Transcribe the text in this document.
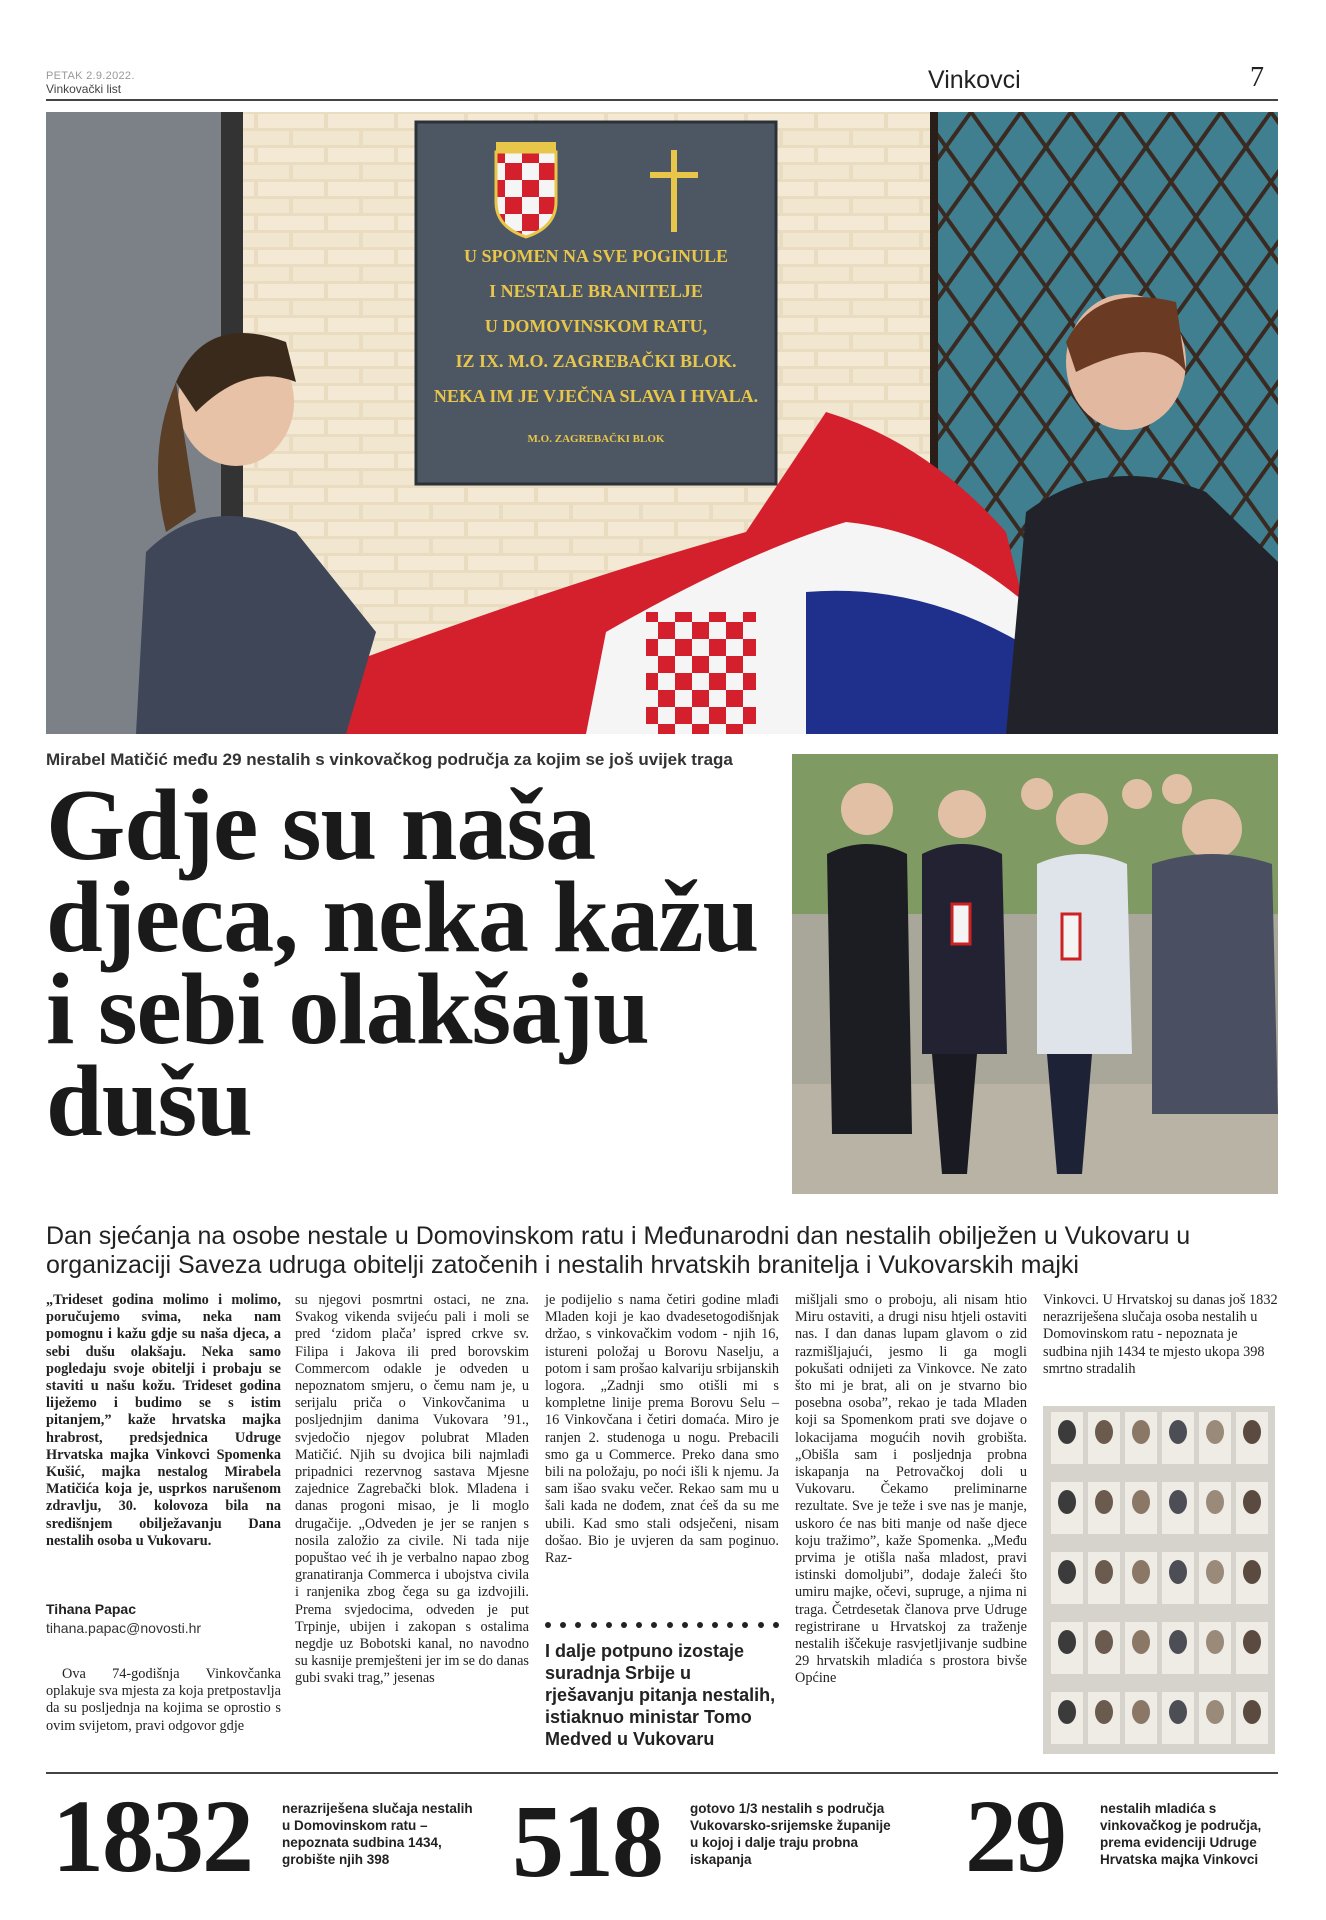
PETAK 2.9.2022.
Vinkovački list	Vinkovci	7
U SPOMEN NA SVE POGINULE
I NESTALE BRANITELJE
U DOMOVINSKOM RATU,
IZ IX. M.O. ZAGREBAČKI BLOK.
NEKA IM JE VJEČNA SLAVA I HVALA.
M.O. ZAGREBAČKI BLOK
Mirabel Matičić među 29 nestalih s vinkovačkog područja za kojim se još uvijek traga
Gdje su naša djeca, neka kažu i sebi olakšaju dušu
Dan sjećanja na osobe nestale u Domovinskom ratu i Međunarodni dan nestalih obilježen u Vukovaru u organizaciji Saveza udruga obitelji zatočenih i nestalih hrvatskih branitelja i Vukovarskih majki

„Trideset godina molimo i molimo, poručujemo svima, neka nam pomognu i kažu gdje su naša djeca, a sebi dušu olakšaju. Neka samo pogledaju svoje obitelji i probaju se staviti u našu kožu. Trideset godina liježemo i budimo se s istim pitanjem,” kaže hrvatska majka hrabrost, predsjednica Udruge Hrvatska majka Vinkovci Spomenka Kušić, majka nestalog Mirabela Matičića koja je, usprkos narušenom zdravlju, 30. kolovoza bila na središnjem obilježavanju Dana nestalih osoba u Vukovaru.

Tihana Papac
tihana.papac@novosti.hr
Ova 74-godišnja Vinkovčanka oplakuje sva mjesta za koja pretpostavlja da su posljednja na kojima se oprostio s ovim svijetom, pravi odgovor gdje
su njegovi posmrtni ostaci, ne zna. Svakog vikenda svijeću pali i moli se pred ‘zidom plača’ ispred crkve sv. Filipa i Jakova ili pred borovskim Commercom odakle je odveden u nepoznatom smjeru, o čemu nam je, u serijalu priča o Vinkovčanima u posljednjim danima Vukovara ’91., svjedočio njegov polubrat Mladen Matičić. Njih su dvojica bili najmlađi pripadnici rezervnog sastava Mjesne zajednice Zagrebački blok. Mladena i danas progoni misao, je li moglo drugačije. „Odveden je jer se ranjen s nosila založio za civile. Ni tada nije popuštao već ih je verbalno napao zbog granatiranja Commerca i ubojstva civila i ranjenika zbog čega su ga izdvojili. Prema svjedocima, odveden je put Trpinje, ubijen i zakopan s ostalima negdje uz Bobotski kanal, no navodno su kasnije premješteni jer im se do danas gubi svaki trag,” jesenas
je podijelio s nama četiri godine mlađi Mladen koji je kao dvadesetogodišnjak držao, s vinkovačkim vodom - njih 16, istureni položaj u Borovu Naselju, a potom i sam prošao kalvariju srbijanskih logora. „Zadnji smo otišli mi s kompletne linije prema Borovu Selu – 16 Vinkovčana i četiri domaća. Miro je ranjen 2. studenoga u nogu. Prebacili smo ga u Commerce. Preko dana smo bili na položaju, po noći išli k njemu. Ja sam išao svaku večer. Rekao sam mu u šali kada ne dođem, znat ćeš da su me ubili. Kad smo stali odsječeni, nisam došao. Bio je uvjeren da sam poginuo. Raz-
I dalje potpuno izostaje suradnja Srbije u rješavanju pitanja nestalih, istiaknuo ministar Tomo Medved u Vukovaru
mišljali smo o proboju, ali nisam htio Miru ostaviti, a drugi nisu htjeli ostaviti nas. I dan danas lupam glavom o zid razmišljajući, jesmo li ga mogli pokušati odnijeti za Vinkovce. Ne zato što mi je brat, ali on je stvarno bio posebna osoba”, rekao je tada Mladen koji sa Spomenkom prati sve dojave o lokacijama mogućih novih grobišta. „Obišla sam i posljednja probna iskapanja na Petrovačkoj doli u Vukovaru. Čekamo preliminarne rezultate. Sve je teže i sve nas je manje, uskoro će nas biti manje od naše djece koju tražimo”, kaže Spomenka. „Među prvima je otišla naša mladost, pravi istinski domoljubi”, dodaje žaleći što umiru majke, očevi, supruge, a njima ni traga. Četrdesetak članova prve Udruge registrirane u Hrvatskoj za traženje nestalih iščekuje rasvjetljivanje sudbine 29 hrvatskih mladića s prostora bivše Općine
Vinkovci. U Hrvatskoj su danas još 1832 nerazriješena slučaja osoba nestalih u Domovinskom ratu - nepoznata je sudbina njih 1434 te mjesto ukopa 398 smrtno stradalih
1832 nerazriješena slučaja nestalih u Domovinskom ratu – nepoznata sudbina 1434, grobište njih 398	518 gotovo 1/3 nestalih s područja Vukovarsko-srijemske županije u kojoj i dalje traju probna iskapanja	29	nestalih mladića s vinkovačkog je područja, prema evidenciji Udruge Hrvatska majka Vinkovci
